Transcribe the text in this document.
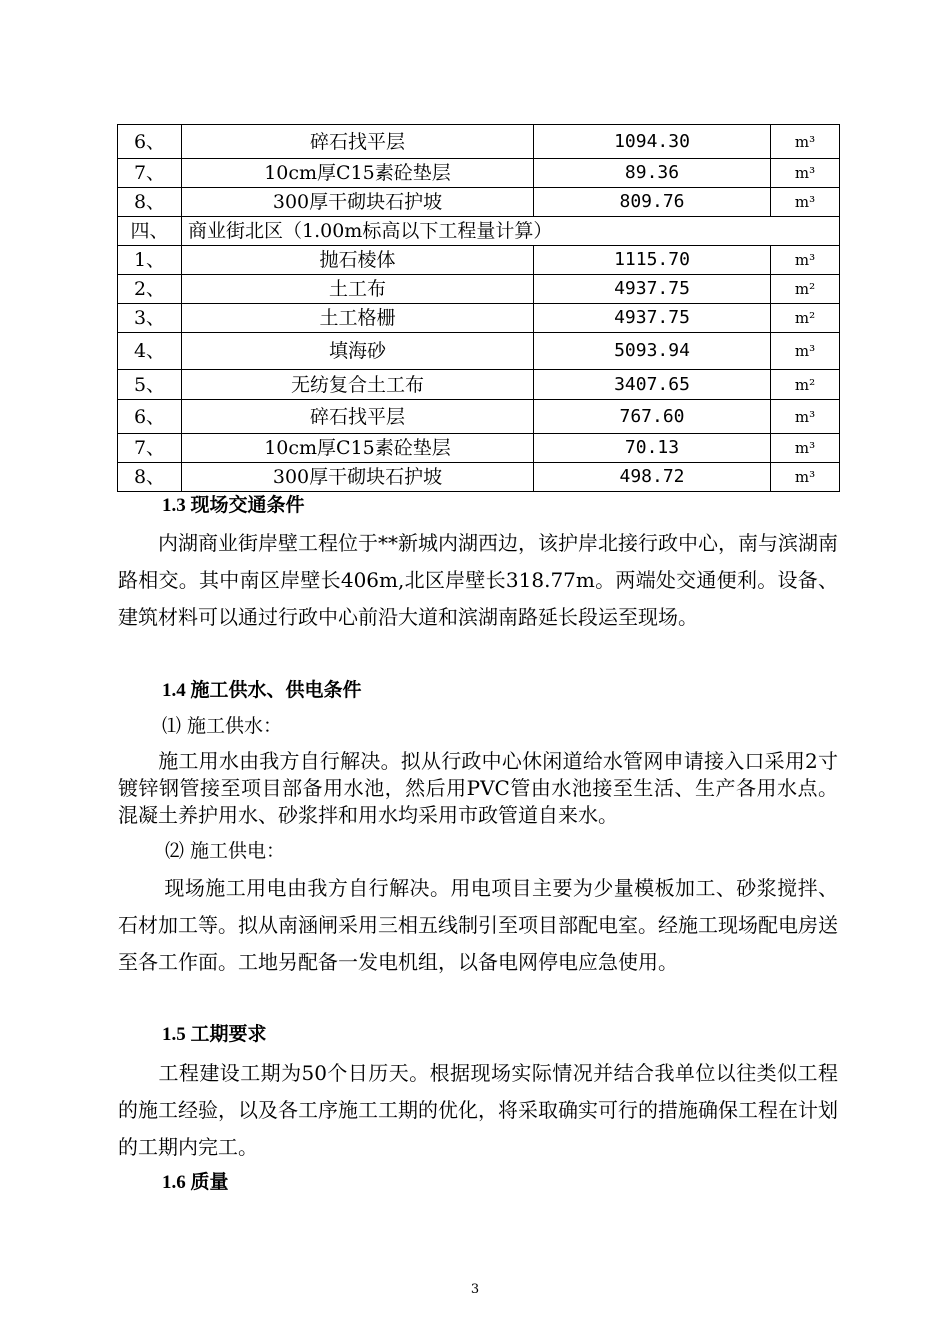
6、	碎石找平层	1094.30	m³
7、	10cm厚C15素砼垫层	89.36	m³
8、	300厚干砌块石护坡	809.76	m³
四、	商业街北区（1.00m标高以下工程量计算）		
1、	抛石棱体	1115.70	m³
2、	土工布	4937.75	m²
3、	土工格栅	4937.75	m²
4、	填海砂	5093.94	m³
5、	无纺复合土工布	3407.65	m²
6、	碎石找平层	767.60	m³
7、	10cm厚C15素砼垫层	70.13	m³
8、	300厚干砌块石护坡	498.72	m³
1.3 现场交通条件
内湖商业街岸壁工程位于**新城内湖西边，该护岸北接行政中心，南与滨湖南路相交。其中南区岸壁长406m,北区岸壁长318.77m。两端处交通便利。设备、建筑材料可以通过行政中心前沿大道和滨湖南路延长段运至现场。
1.4 施工供水、供电条件
⑴ 施工供水：
施工用水由我方自行解决。拟从行政中心休闲道给水管网申请接入口采用2寸镀锌钢管接至项目部备用水池，然后用PVC管由水池接至生活、生产各用水点。混凝土养护用水、砂浆拌和用水均采用市政管道自来水。
⑵ 施工供电：
现场施工用电由我方自行解决。用电项目主要为少量模板加工、砂浆搅拌、石材加工等。拟从南涵闸采用三相五线制引至项目部配电室。经施工现场配电房送至各工作面。工地另配备一发电机组，以备电网停电应急使用。
1.5 工期要求
工程建设工期为50个日历天。根据现场实际情况并结合我单位以往类似工程的施工经验，以及各工序施工工期的优化，将采取确实可行的措施确保工程在计划的工期内完工。
1.6 质量
3
